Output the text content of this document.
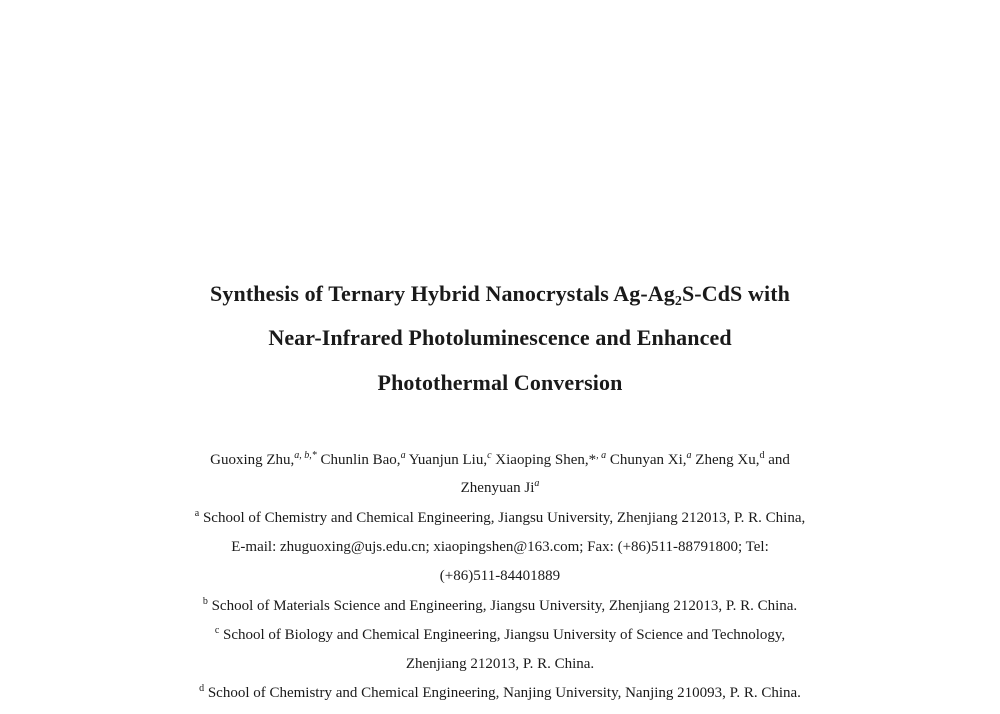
Synthesis of Ternary Hybrid Nanocrystals $Ag-Ag_2S$-CdS with
Near-Infrared Photoluminescence and Enhanced
Photothermal Conversion
Guoxing Zhu,$^{a, b,*}$ Chunlin Bao,$^a$ Yuanjun Liu,$^c$ Xiaoping Shen,*$^{, a}$ Chunyan Xi,$^a$ Zheng Xu,$^d$ and
Zhenyuan Ji$^a$
$^a$ School of Chemistry and Chemical Engineering, Jiangsu University, Zhenjiang 212013, P. R. China,
E-mail: zhuguoxing@ujs.edu.cn; xiaopingshen@163.com; Fax: (+86)511-88791800; Tel:
(+86)511-84401889
$^b$ School of Materials Science and Engineering, Jiangsu University, Zhenjiang 212013, P. R. China.
$^c$ School of Biology and Chemical Engineering, Jiangsu University of Science and Technology,
Zhenjiang 212013, P. R. China.
$^d$ School of Chemistry and Chemical Engineering, Nanjing University, Nanjing 210093, P. R. China.
